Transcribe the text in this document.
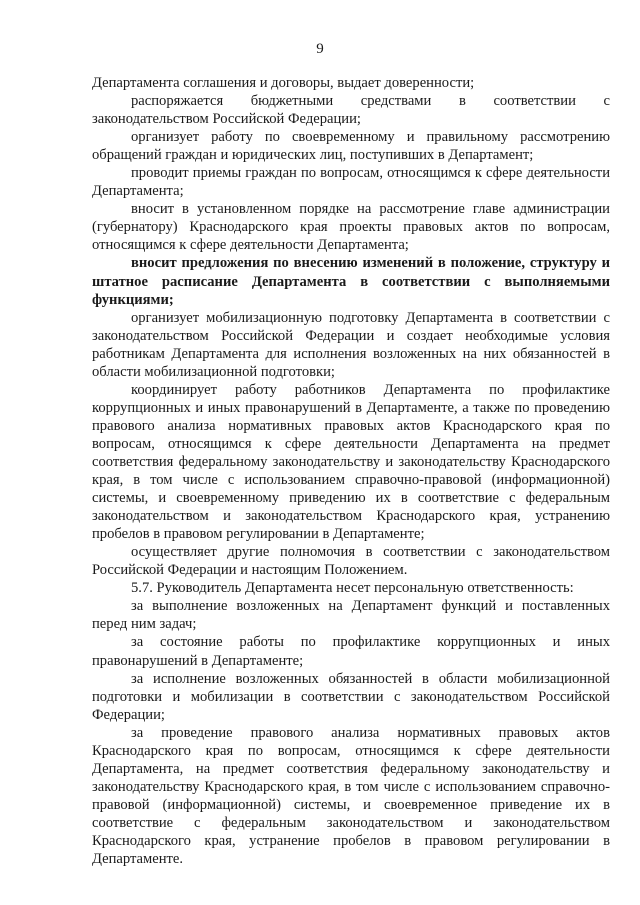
9

Департамента соглашения и договоры, выдает доверенности;

распоряжается бюджетными средствами в соответствии с законодательством Российской Федерации;

организует работу по своевременному и правильному рассмотрению обращений граждан и юридических лиц, поступивших в Департамент;

проводит приемы граждан по вопросам, относящимся к сфере деятельности Департамента;

вносит в установленном порядке на рассмотрение главе администрации (губернатору) Краснодарского края проекты правовых актов по вопросам, относящимся к сфере деятельности Департамента;

вносит предложения по внесению изменений в положение, структуру и штатное расписание Департамента в соответствии с выполняемыми функциями;

организует мобилизационную подготовку Департамента в соответствии с законодательством Российской Федерации и создает необходимые условия работникам Департамента для исполнения возложенных на них обязанностей в области мобилизационной подготовки;

координирует работу работников Департамента по профилактике коррупционных и иных правонарушений в Департаменте, а также по проведению правового анализа нормативных правовых актов Краснодарского края по вопросам, относящимся к сфере деятельности Департамента на предмет соответствия федеральному законодательству и законодательству Краснодарского края, в том числе с использованием справочно-правовой (информационной) системы, и своевременному приведению их в соответствие с федеральным законодательством и законодательством Краснодарского края, устранению пробелов в правовом регулировании в Департаменте;

осуществляет другие полномочия в соответствии с законодательством Российской Федерации и настоящим Положением.

5.7. Руководитель Департамента несет персональную ответственность:

за выполнение возложенных на Департамент функций и поставленных перед ним задач;

за состояние работы по профилактике коррупционных и иных правонарушений в Департаменте;

за исполнение возложенных обязанностей в области мобилизационной подготовки и мобилизации в соответствии с законодательством Российской Федерации;

за проведение правового анализа нормативных правовых актов Краснодарского края по вопросам, относящимся к сфере деятельности Департамента, на предмет соответствия федеральному законодательству и законодательству Краснодарского края, в том числе с использованием справочно-правовой (информационной) системы, и своевременное приведение их в соответствие с федеральным законодательством и законодательством Краснодарского края, устранение пробелов в правовом регулировании в Департаменте.
